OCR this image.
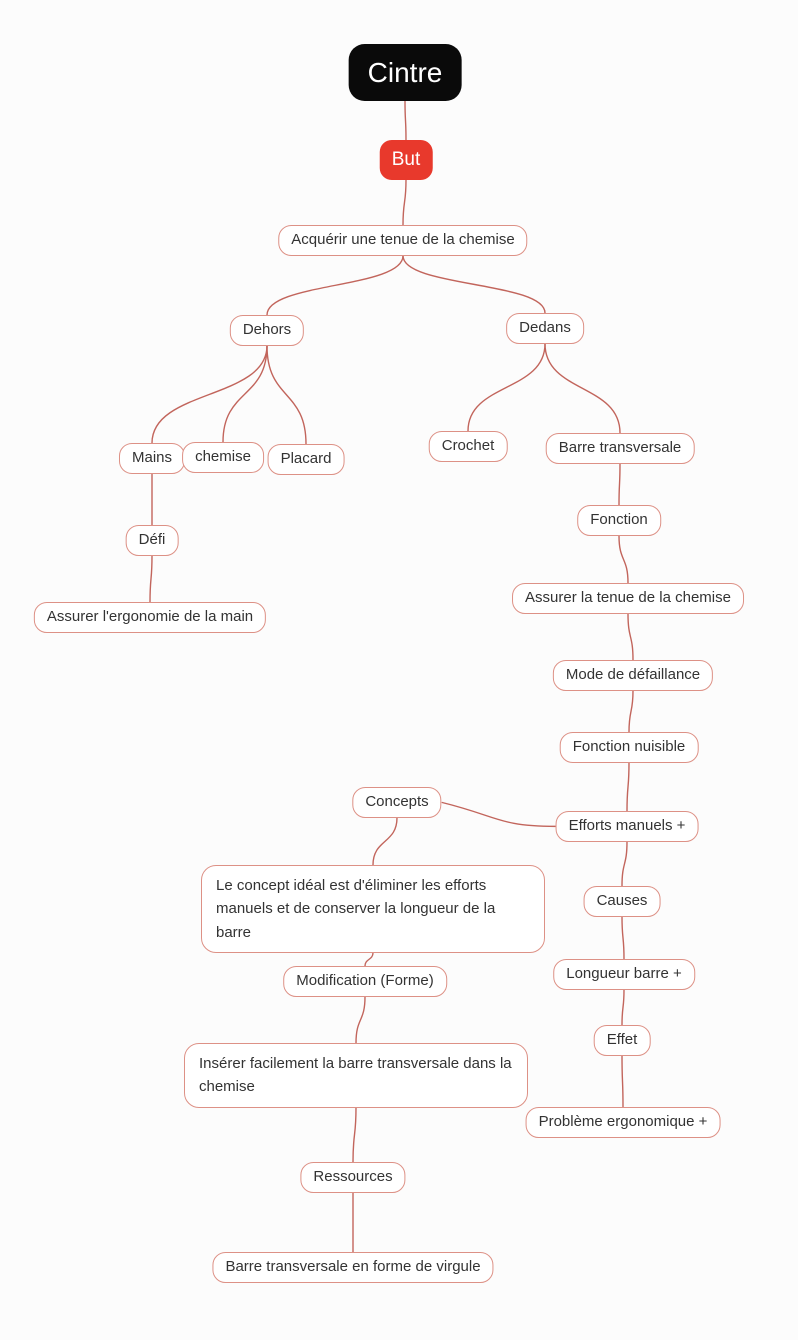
Cintre
But
Acquérir une tenue de la chemise
Dehors	Dedans
Mains	chemise	Placard
Crochet	Barre transversale
Défi
Assurer l'ergonomie de la main
Fonction
Assurer la tenue de la chemise
Mode de défaillance
Fonction nuisible
Concepts
Efforts manuels +
Le concept idéal est d'éliminer les efforts manuels et de conserver la longueur de la barre
Causes
Modification (Forme)	Longueur barre +
Effet
Insérer facilement la barre transversale dans la chemise
Problème ergonomique +
Ressources
Barre transversale en forme de virgule
